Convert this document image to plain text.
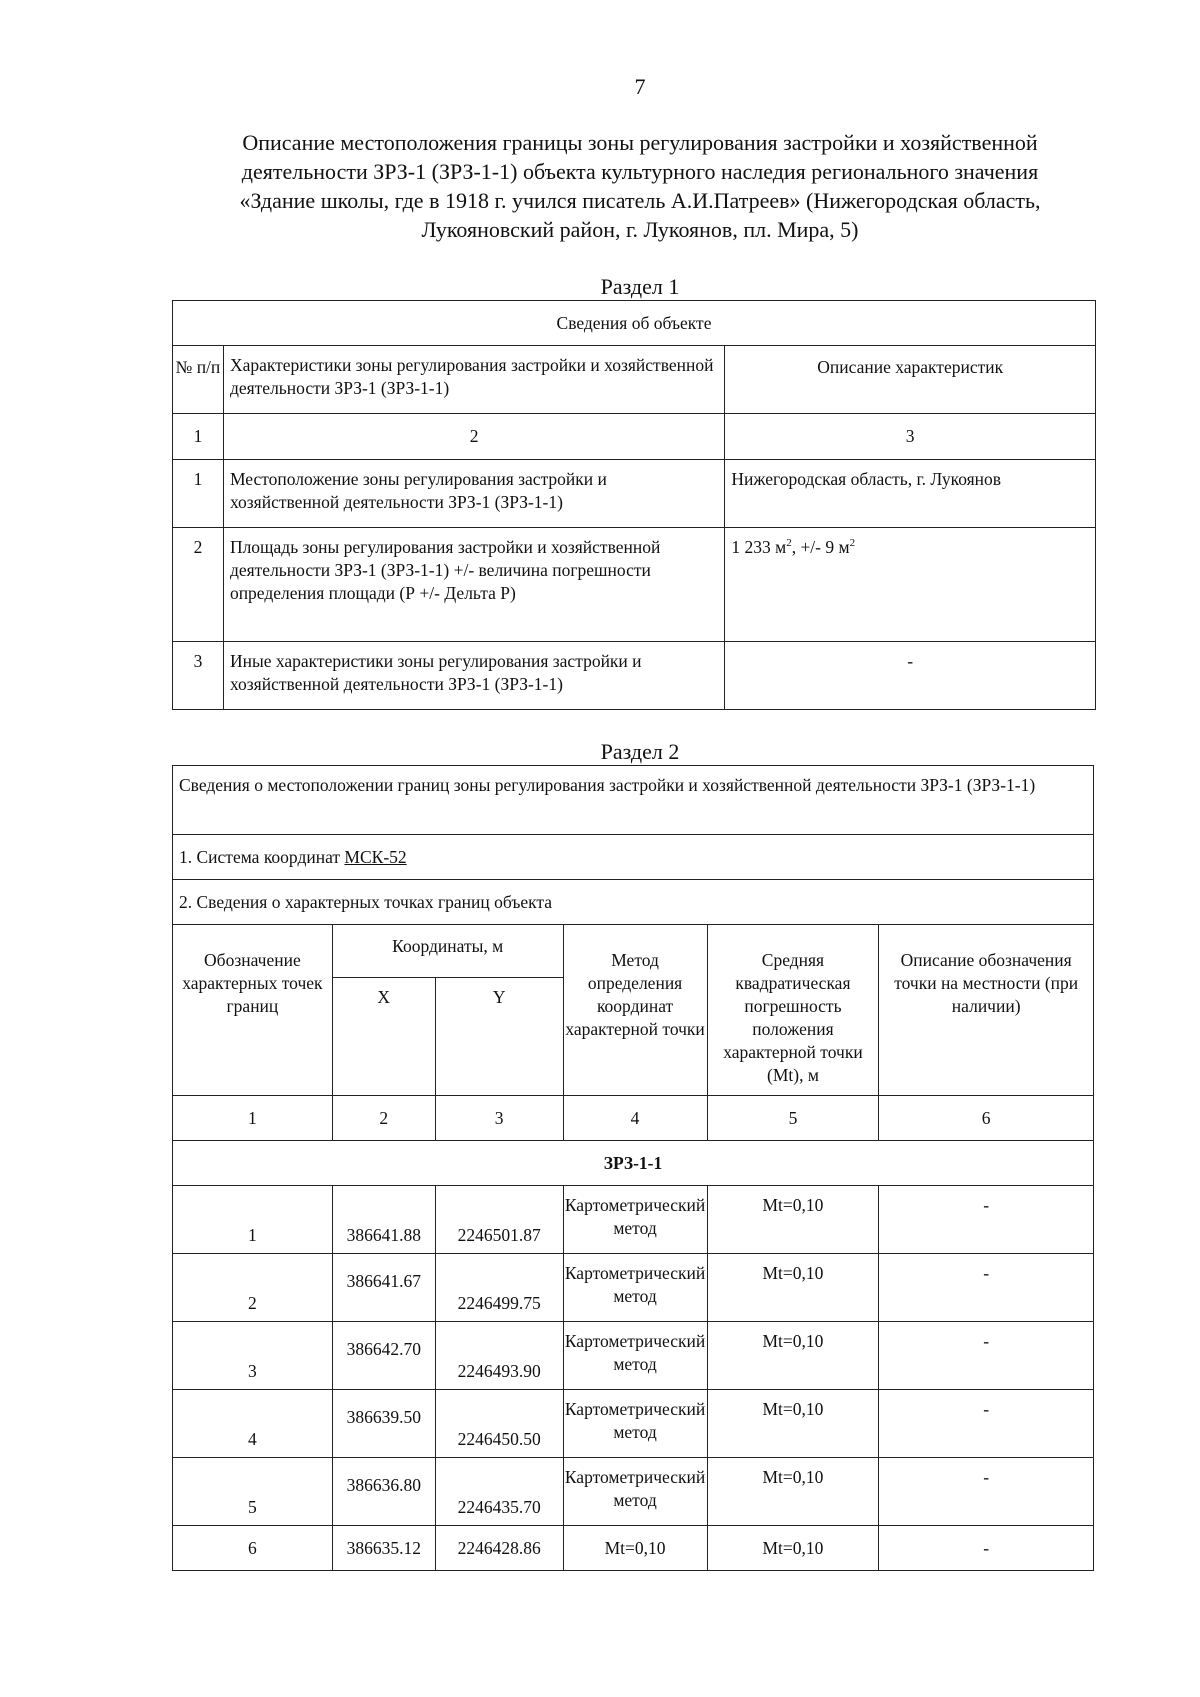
7
Описание местоположения границы зоны регулирования застройки и хозяйственной
деятельности ЗРЗ-1 (ЗРЗ-1-1) объекта культурного наследия регионального значения
«Здание школы, где в 1918 г. учился писатель А.И.Патреев» (Нижегородская область,
Лукояновский район, г. Лукоянов, пл. Мира, 5)
Раздел 1
Сведения об объекте		
№ п/п	Характеристики зоны регулирования застройки и хозяйственной деятельности ЗРЗ-1 (ЗРЗ-1-1)	Описание характеристик
1	2	3
1	Местоположение зоны регулирования застройки и хозяйственной деятельности ЗРЗ-1 (ЗРЗ-1-1)	Нижегородская область, г. Лукоянов
2	Площадь зоны регулирования застройки и хозяйственной деятельности ЗРЗ-1 (ЗРЗ-1-1) +/- величина погрешности определения площади (Р +/- Дельта Р)	1 233 $м^2$, +/- 9 $м^2$
3	Иные характеристики зоны регулирования застройки и хозяйственной деятельности ЗРЗ-1 (ЗРЗ-1-1)	-
Раздел 2
Сведения о местоположении границ зоны регулирования застройки и хозяйственной деятельности ЗРЗ-1 (ЗРЗ-1-1)					
1. Система координат МСК-52					
2. Сведения о характерных точках границ объекта					
Обозначение характерных точек границ	Координаты, м		Метод определения координат характерной точки	Средняя квадратическая погрешность положения характерной точки (Mt), м	Описание обозначения точки на местности (при наличии)
	X	Y			
1	2	3	4	5	6
ЗРЗ-1-1					
1	386641.88	2246501.87	Картометрический метод	Mt=0,10	-
2	386641.67	2246499.75	Картометрический метод	Mt=0,10	-
3	386642.70	2246493.90	Картометрический метод	Mt=0,10	-
4	386639.50	2246450.50	Картометрический метод	Mt=0,10	-
5	386636.80	2246435.70	Картометрический метод	Mt=0,10	-
6	386635.12	2246428.86	Mt=0,10	Mt=0,10	-
